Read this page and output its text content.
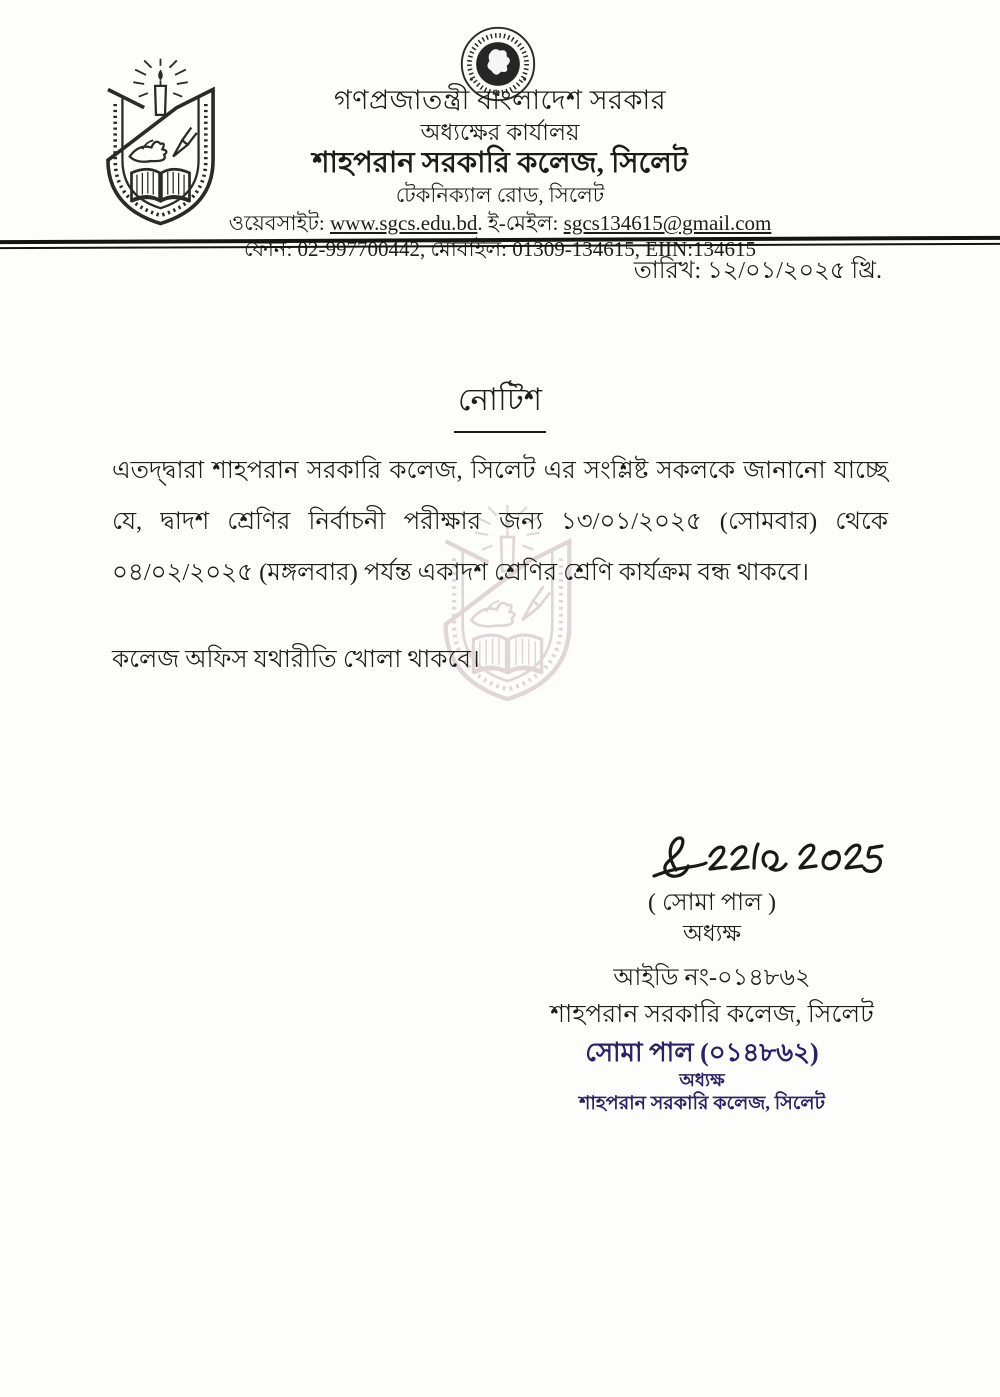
গণপ্রজাতন্ত্রী বাংলাদেশ সরকার
অধ্যক্ষের কার্যালয়
শাহপরান সরকারি কলেজ, সিলেট
টেকনিক্যাল রোড, সিলেট
ওয়েবসাইট: www.sgcs.edu.bd. ই-মেইল: sgcs134615@gmail.com
ফোন: 02-997700442, মোবাইল: 01309-134615, EIIN:134615
তারিখ: ১২/০১/২০২৫ খ্রি.
নোটিশ

এতদ্দ্বারা শাহপরান সরকারি কলেজ, সিলেট এর সংশ্লিষ্ট সকলকে জানানো যাচ্ছে যে, দ্বাদশ শ্রেণির নির্বাচনী পরীক্ষার জন্য ১৩/০১/২০২৫ (সোমবার) থেকে ০৪/০২/২০২৫ (মঙ্গলবার) পর্যন্ত একাদশ শ্রেণির শ্রেণি কার্যক্রম বন্ধ থাকবে।

কলেজ অফিস যথারীতি খোলা থাকবে।

( সোমা পাল )
অধ্যক্ষ
আইডি নং-০১৪৮৬২
শাহপরান সরকারি কলেজ, সিলেট
সোমা পাল (০১৪৮৬২)
অধ্যক্ষ
শাহপরান সরকারি কলেজ, সিলেট
